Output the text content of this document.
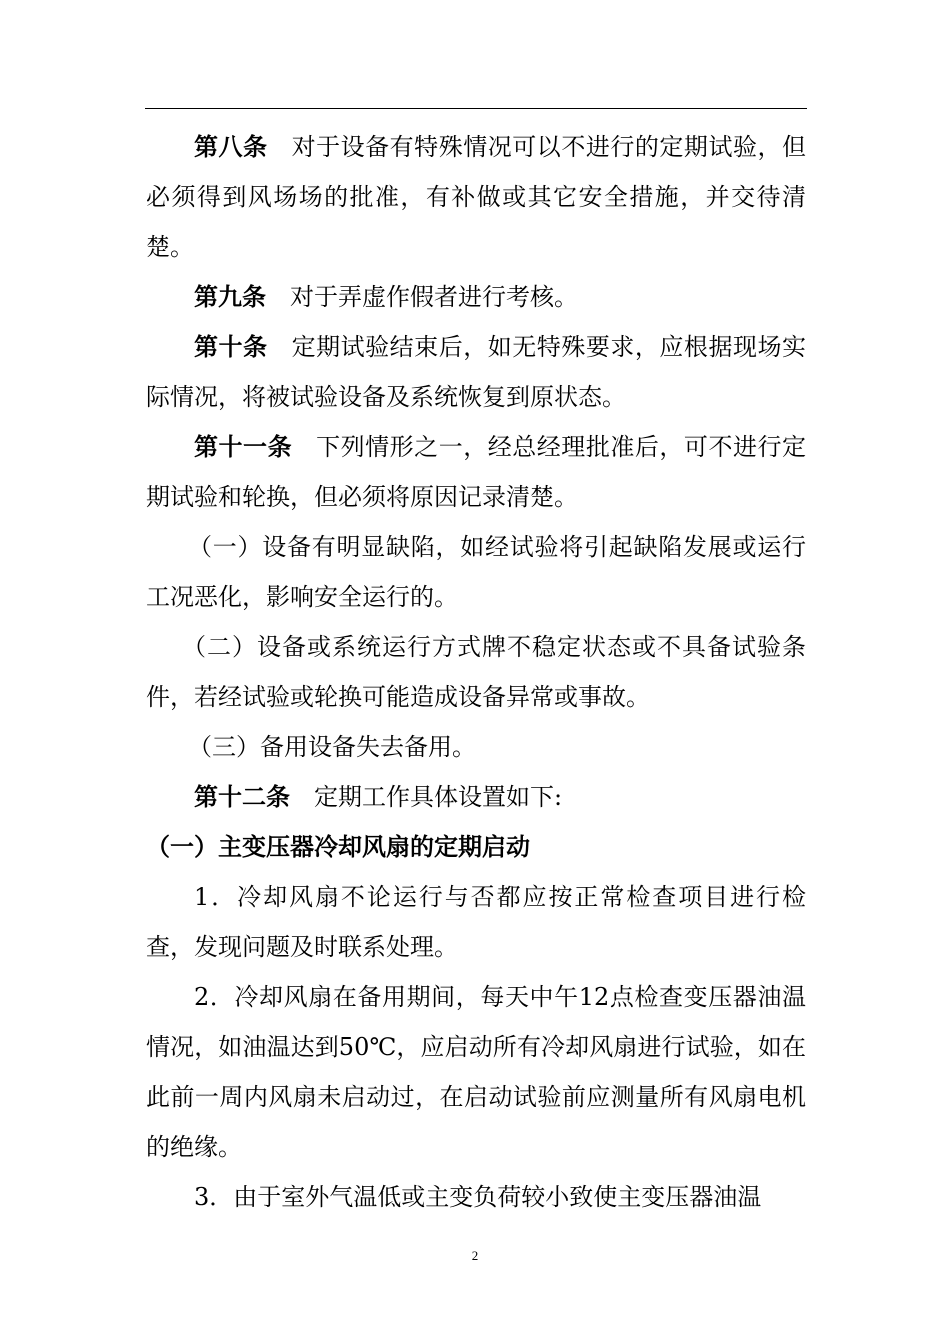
第八条 对于设备有特殊情况可以不进行的定期试验，但必须得到风场场的批准，有补做或其它安全措施，并交待清楚。

第九条 对于弄虚作假者进行考核。

第十条 定期试验结束后，如无特殊要求，应根据现场实际情况，将被试验设备及系统恢复到原状态。

第十一条 下列情形之一，经总经理批准后，可不进行定期试验和轮换，但必须将原因记录清楚。

（一）设备有明显缺陷，如经试验将引起缺陷发展或运行工况恶化，影响安全运行的。

（二）设备或系统运行方式牌不稳定状态或不具备试验条件，若经试验或轮换可能造成设备异常或事故。

（三）备用设备失去备用。

第十二条 定期工作具体设置如下:

（一）主变压器冷却风扇的定期启动

1．冷却风扇不论运行与否都应按正常检查项目进行检查，发现问题及时联系处理。

2．冷却风扇在备用期间，每天中午12点检查变压器油温情况，如油温达到50℃，应启动所有冷却风扇进行试验，如在此前一周内风扇未启动过，在启动试验前应测量所有风扇电机的绝缘。

3．由于室外气温低或主变负荷较小致使主变压器油温

2
